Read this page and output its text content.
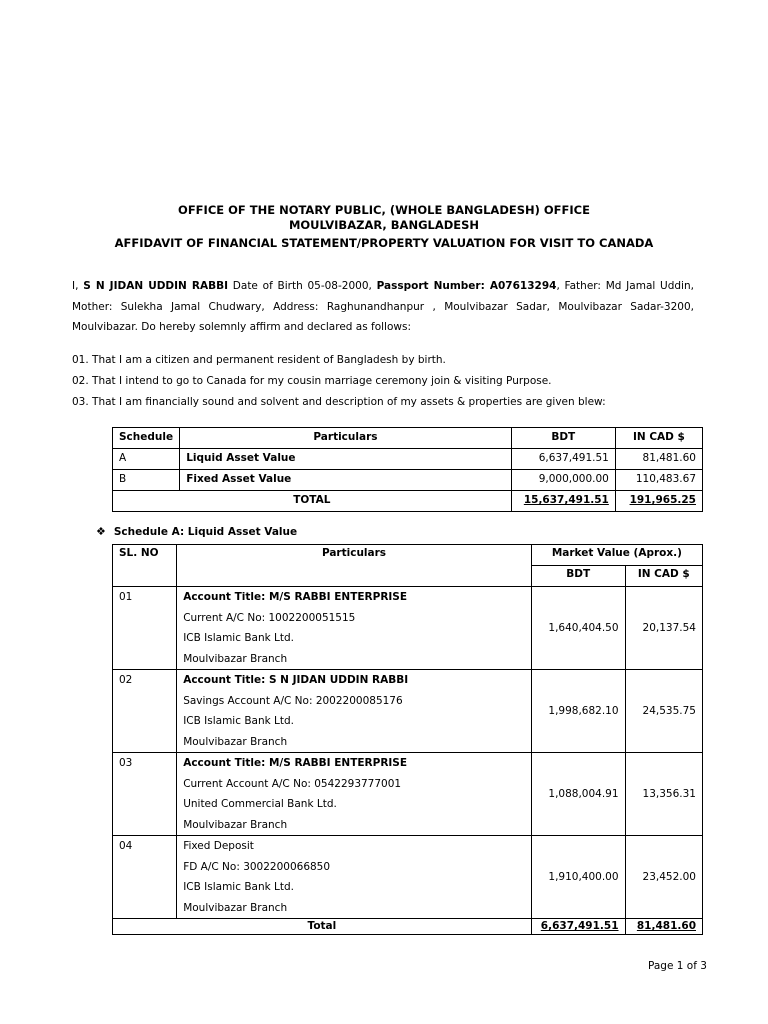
OFFICE OF THE NOTARY PUBLIC, (WHOLE BANGLADESH) OFFICE
MOULVIBAZAR, BANGLADESH
AFFIDAVIT OF FINANCIAL STATEMENT/PROPERTY VALUATION FOR VISIT TO CANADA
I, S N JIDAN UDDIN RABBI Date of Birth 05-08-2000, Passport Number: A07613294, Father: Md Jamal Uddin, Mother: Sulekha Jamal Chudwary, Address: Raghunandhanpur , Moulvibazar Sadar, Moulvibazar Sadar-3200, Moulvibazar. Do hereby solemnly affirm and declared as follows:
01. That I am a citizen and permanent resident of Bangladesh by birth.
02. That I intend to go to Canada for my cousin marriage ceremony join & visiting Purpose.
03. That I am financially sound and solvent and description of my assets & properties are given blew:
Schedule	Particulars	BDT	IN CAD $
A	Liquid Asset Value	6,637,491.51	81,481.60
B	Fixed Asset Value	9,000,000.00	110,483.67
TOTAL		15,637,491.51	191,965.25
❖ Schedule A: Liquid Asset Value
SL. NO	Particulars	Market Value (Aprox.)	
		BDT	IN CAD $
01	Account Title: M/S RABBI ENTERPRISE
Current A/C No: 1002200051515
ICB Islamic Bank Ltd.
Moulvibazar Branch	1,640,404.50	20,137.54
02	Account Title: S N JIDAN UDDIN RABBI
Savings Account A/C No: 2002200085176
ICB Islamic Bank Ltd.
Moulvibazar Branch	1,998,682.10	24,535.75
03	Account Title: M/S RABBI ENTERPRISE
Current Account A/C No: 0542293777001
United Commercial Bank Ltd.
Moulvibazar Branch	1,088,004.91	13,356.31
04	Fixed Deposit
FD A/C No: 3002200066850
ICB Islamic Bank Ltd.
Moulvibazar Branch	1,910,400.00	23,452.00
Total		6,637,491.51	81,481.60
Page 1 of 3
